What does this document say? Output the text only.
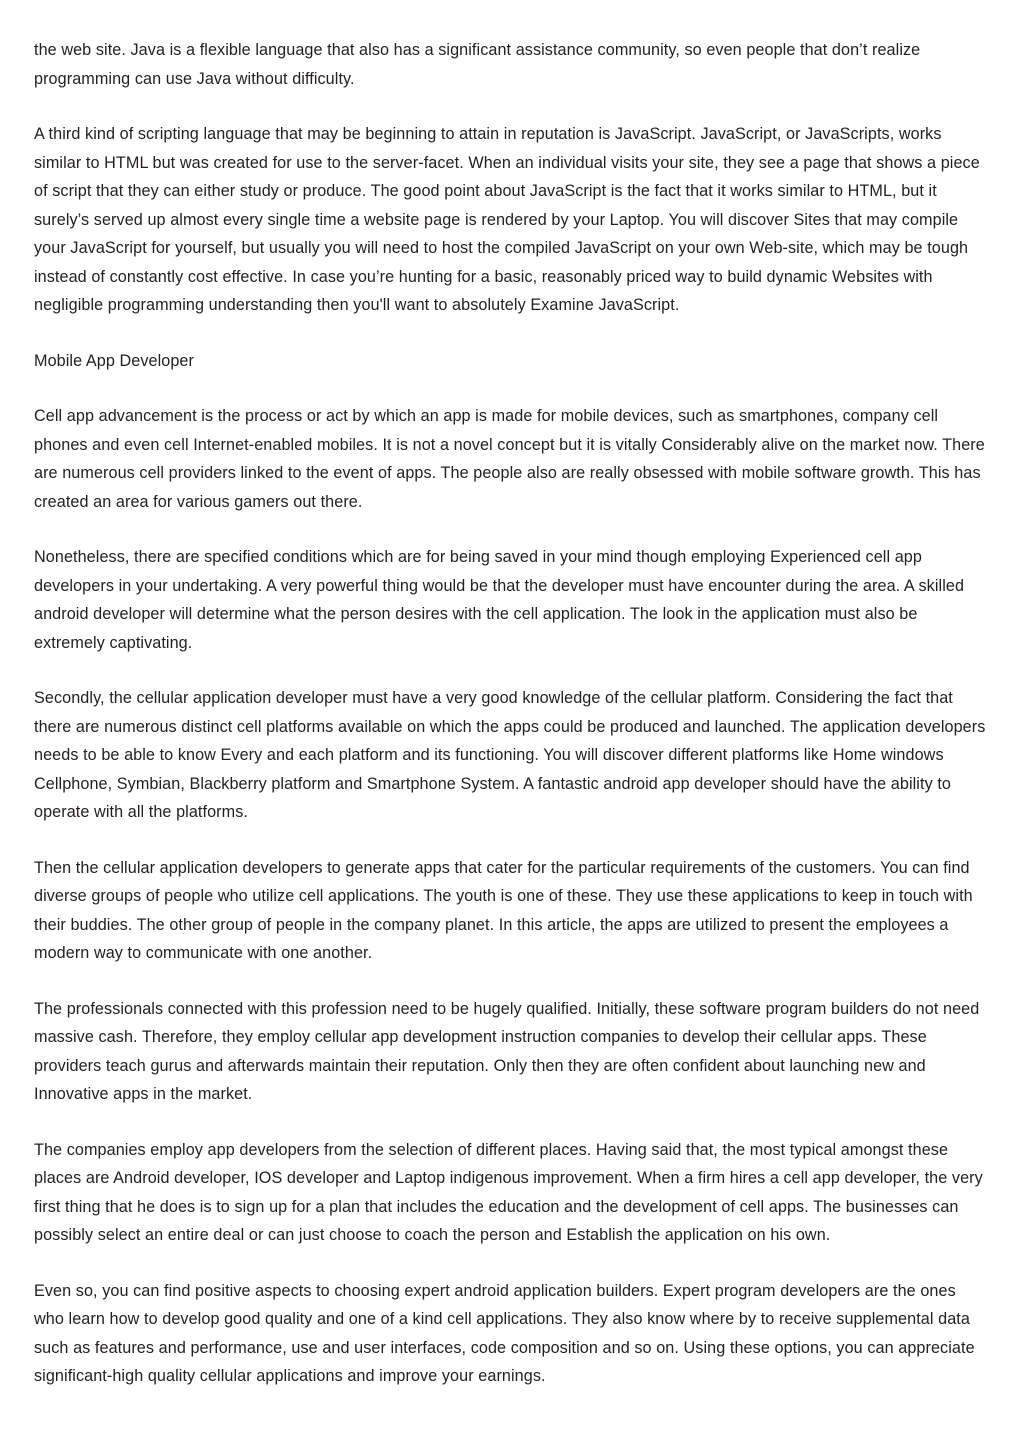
the web site. Java is a flexible language that also has a significant assistance community, so even people that don’t realize programming can use Java without difficulty.

A third kind of scripting language that may be beginning to attain in reputation is JavaScript. JavaScript, or JavaScripts, works similar to HTML but was created for use to the server-facet. When an individual visits your site, they see a page that shows a piece of script that they can either study or produce. The good point about JavaScript is the fact that it works similar to HTML, but it surely’s served up almost every single time a website page is rendered by your Laptop. You will discover Sites that may compile your JavaScript for yourself, but usually you will need to host the compiled JavaScript on your own Web-site, which may be tough instead of constantly cost effective. In case you’re hunting for a basic, reasonably priced way to build dynamic Websites with negligible programming understanding then you'll want to absolutely Examine JavaScript.

Mobile App Developer

Cell app advancement is the process or act by which an app is made for mobile devices, such as smartphones, company cell phones and even cell Internet-enabled mobiles. It is not a novel concept but it is vitally Considerably alive on the market now. There are numerous cell providers linked to the event of apps. The people also are really obsessed with mobile software growth. This has created an area for various gamers out there.

Nonetheless, there are specified conditions which are for being saved in your mind though employing Experienced cell app developers in your undertaking. A very powerful thing would be that the developer must have encounter during the area. A skilled android developer will determine what the person desires with the cell application. The look in the application must also be extremely captivating.

Secondly, the cellular application developer must have a very good knowledge of the cellular platform. Considering the fact that there are numerous distinct cell platforms available on which the apps could be produced and launched. The application developers needs to be able to know Every and each platform and its functioning. You will discover different platforms like Home windows Cellphone, Symbian, Blackberry platform and Smartphone System. A fantastic android app developer should have the ability to operate with all the platforms.

Then the cellular application developers to generate apps that cater for the particular requirements of the customers. You can find diverse groups of people who utilize cell applications. The youth is one of these. They use these applications to keep in touch with their buddies. The other group of people in the company planet. In this article, the apps are utilized to present the employees a modern way to communicate with one another.

The professionals connected with this profession need to be hugely qualified. Initially, these software program builders do not need massive cash. Therefore, they employ cellular app development instruction companies to develop their cellular apps. These providers teach gurus and afterwards maintain their reputation. Only then they are often confident about launching new and Innovative apps in the market.

The companies employ app developers from the selection of different places. Having said that, the most typical amongst these places are Android developer, IOS developer and Laptop indigenous improvement. When a firm hires a cell app developer, the very first thing that he does is to sign up for a plan that includes the education and the development of cell apps. The businesses can possibly select an entire deal or can just choose to coach the person and Establish the application on his own.

Even so, you can find positive aspects to choosing expert android application builders. Expert program developers are the ones who learn how to develop good quality and one of a kind cell applications. They also know where by to receive supplemental data such as features and performance, use and user interfaces, code composition and so on. Using these options, you can appreciate significant-high quality cellular applications and improve your earnings.
